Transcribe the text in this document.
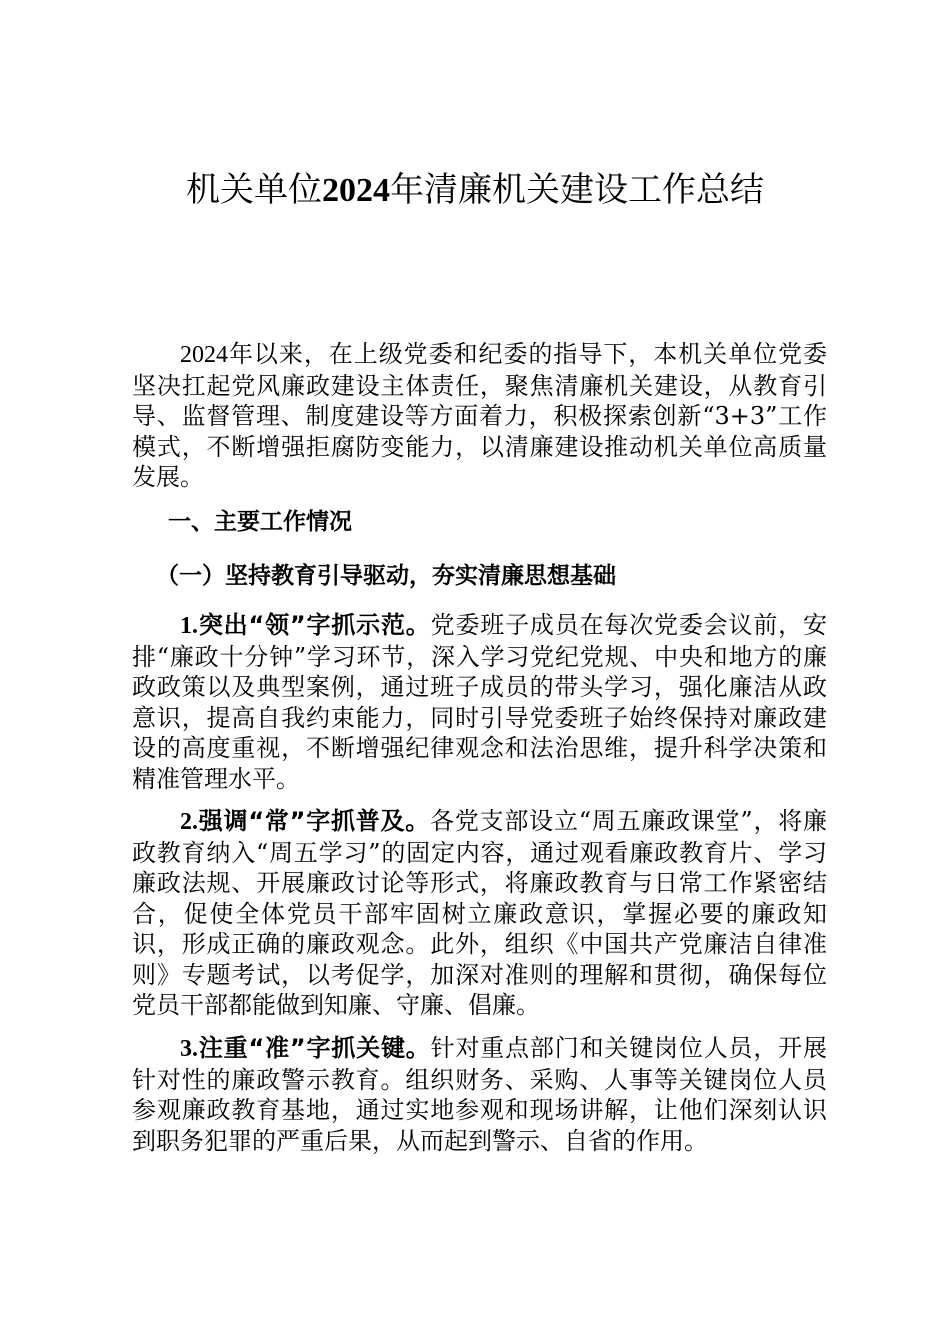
机关单位2024年清廉机关建设工作总结

2024年以来，在上级党委和纪委的指导下，本机关单位党委坚决扛起党风廉政建设主体责任，聚焦清廉机关建设，从教育引导、监督管理、制度建设等方面着力，积极探索创新“3+3”工作模式，不断增强拒腐防变能力，以清廉建设推动机关单位高质量发展。

一、主要工作情况

（一）坚持教育引导驱动，夯实清廉思想基础

1.突出“领”字抓示范。党委班子成员在每次党委会议前，安排“廉政十分钟”学习环节，深入学习党纪党规、中央和地方的廉政政策以及典型案例，通过班子成员的带头学习，强化廉洁从政意识，提高自我约束能力，同时引导党委班子始终保持对廉政建设的高度重视，不断增强纪律观念和法治思维，提升科学决策和精准管理水平。

2.强调“常”字抓普及。各党支部设立“周五廉政课堂”，将廉政教育纳入“周五学习”的固定内容，通过观看廉政教育片、学习廉政法规、开展廉政讨论等形式，将廉政教育与日常工作紧密结合，促使全体党员干部牢固树立廉政意识，掌握必要的廉政知识，形成正确的廉政观念。此外，组织《中国共产党廉洁自律准则》专题考试，以考促学，加深对准则的理解和贯彻，确保每位党员干部都能做到知廉、守廉、倡廉。

3.注重“准”字抓关键。针对重点部门和关键岗位人员，开展针对性的廉政警示教育。组织财务、采购、人事等关键岗位人员参观廉政教育基地，通过实地参观和现场讲解，让他们深刻认识到职务犯罪的严重后果，从而起到警示、自省的作用。
